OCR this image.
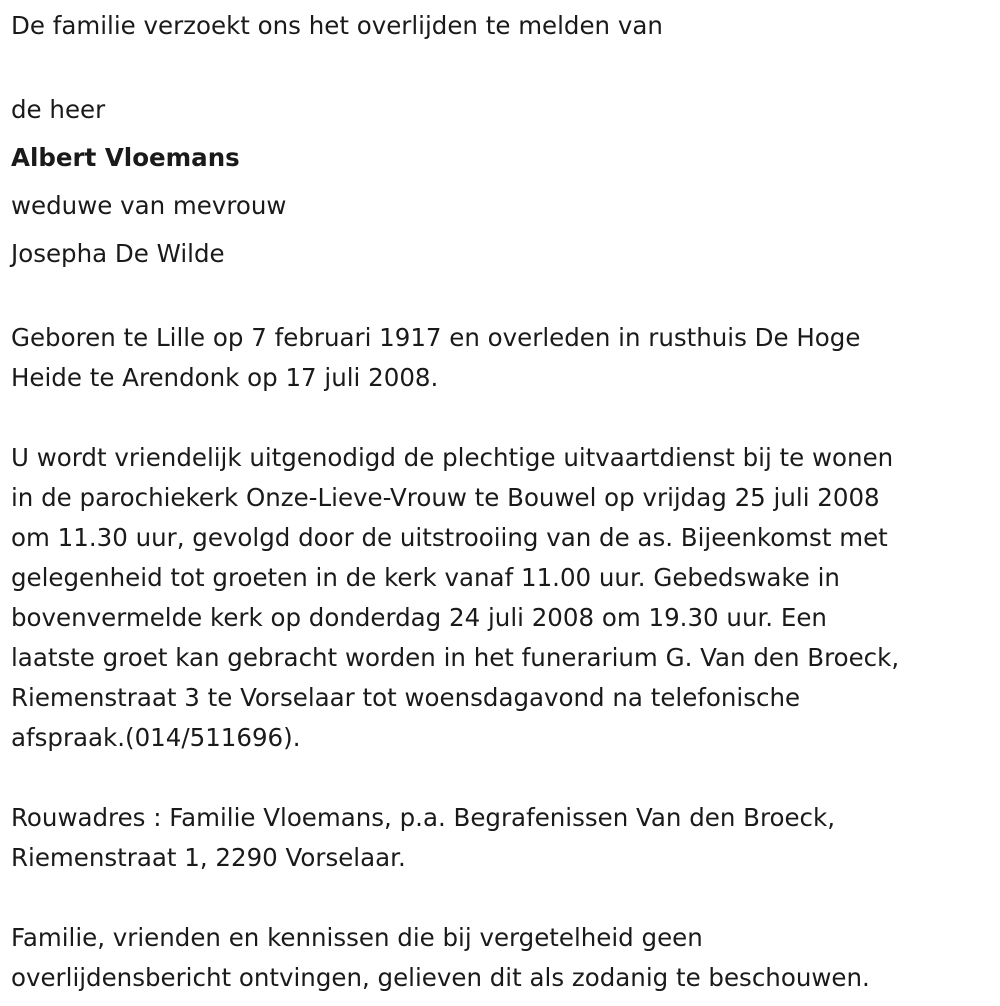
De familie verzoekt ons het overlijden te melden van
de heer
Albert Vloemans
weduwe van mevrouw
Josepha De Wilde
Geboren te Lille op 7 februari 1917 en overleden in rusthuis De Hoge
Heide te Arendonk op 17 juli 2008.
U wordt vriendelijk uitgenodigd de plechtige uitvaartdienst bij te wonen
in de parochiekerk Onze-Lieve-Vrouw te Bouwel op vrijdag 25 juli 2008
om 11.30 uur, gevolgd door de uitstrooiing van de as. Bijeenkomst met
gelegenheid tot groeten in de kerk vanaf 11.00 uur. Gebedswake in
bovenvermelde kerk op donderdag 24 juli 2008 om 19.30 uur. Een
laatste groet kan gebracht worden in het funerarium G. Van den Broeck,
Riemenstraat 3 te Vorselaar tot woensdagavond na telefonische
afspraak.(014/511696).
Rouwadres : Familie Vloemans, p.a. Begrafenissen Van den Broeck,
Riemenstraat 1, 2290 Vorselaar.
Familie, vrienden en kennissen die bij vergetelheid geen
overlijdensbericht ontvingen, gelieven dit als zodanig te beschouwen.
